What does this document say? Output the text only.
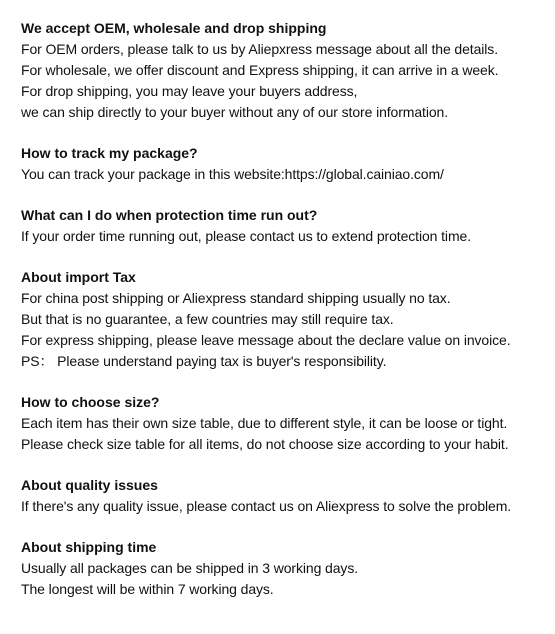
We accept OEM, wholesale and drop shipping
For OEM orders, please talk to us by Aliepxress message about all the details.
For wholesale, we offer discount and Express shipping, it can arrive in a week.
For drop shipping, you may leave your buyers address,
we can ship directly to your buyer without any of our store information.
How to track my package?
You can track your package in this website:https://global.cainiao.com/
What can I do when protection time run out?
If your order time running out, please contact us to extend protection time.
About import Tax
For china post shipping or Aliexpress standard shipping usually no tax.
But that is no guarantee, a few countries may still require tax.
For express shipping, please leave message about the declare value on invoice.
PS： Please understand paying tax is buyer's responsibility.
How to choose size?
Each item has their own size table, due to different style, it can be loose or tight.
Please check size table for all items, do not choose size according to your habit.
About quality issues
If there's any quality issue, please contact us on Aliexpress to solve the problem.
About shipping time
Usually all packages can be shipped in 3 working days.
The longest will be within 7 working days.
